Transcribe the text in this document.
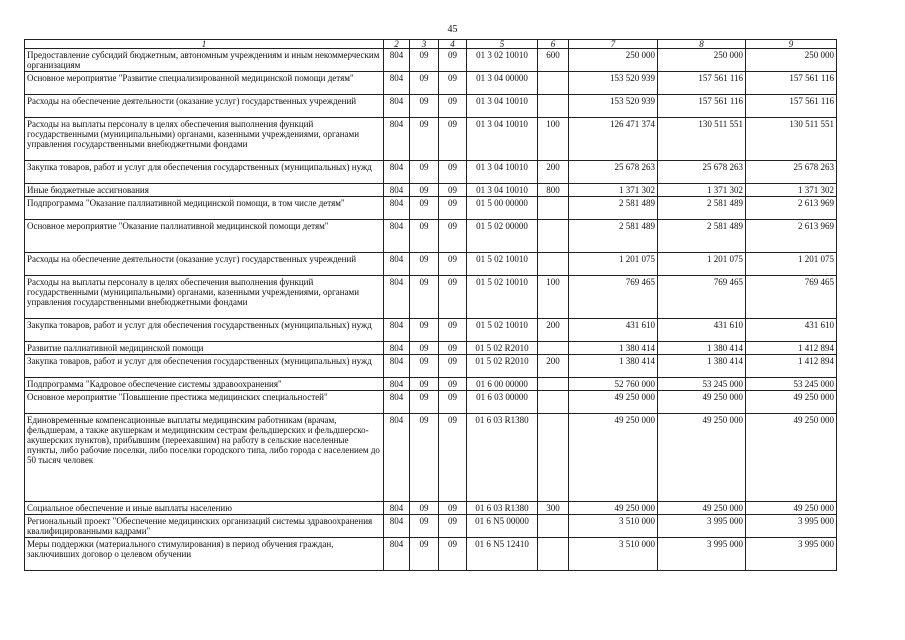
45
1	2	3	4	5	6	7	8	9
Предоставление субсидий бюджетным, автономным учреждениям и иным некоммерческим организациям	804	09	09	01 3 02 10010	600	250 000	250 000	250 000
Основное мероприятие "Развитие специализированной медицинской помощи детям"	804	09	09	01 3 04 00000		153 520 939	157 561 116	157 561 116
Расходы на обеспечение деятельности (оказание услуг) государственных учреждений	804	09	09	01 3 04 10010		153 520 939	157 561 116	157 561 116
Расходы на выплаты персоналу в целях обеспечения выполнения функций государственными (муниципальными) органами, казенными учреждениями, органами управления государственными внебюджетными фондами	804	09	09	01 3 04 10010	100	126 471 374	130 511 551	130 511 551
Закупка товаров, работ и услуг для обеспечения государственных (муниципальных) нужд	804	09	09	01 3 04 10010	200	25 678 263	25 678 263	25 678 263
Иные бюджетные ассигнования	804	09	09	01 3 04 10010	800	1 371 302	1 371 302	1 371 302
Подпрограмма "Оказание паллиативной медицинской помощи, в том числе детям"	804	09	09	01 5 00 00000		2 581 489	2 581 489	2 613 969
Основное мероприятие "Оказание паллиативной медицинской помощи детям"	804	09	09	01 5 02 00000		2 581 489	2 581 489	2 613 969
Расходы на обеспечение деятельности (оказание услуг) государственных учреждений	804	09	09	01 5 02 10010		1 201 075	1 201 075	1 201 075
Расходы на выплаты персоналу в целях обеспечения выполнения функций государственными (муниципальными) органами, казенными учреждениями, органами управления государственными внебюджетными фондами	804	09	09	01 5 02 10010	100	769 465	769 465	769 465
Закупка товаров, работ и услуг для обеспечения государственных (муниципальных) нужд	804	09	09	01 5 02 10010	200	431 610	431 610	431 610
Развитие паллиативной медицинской помощи	804	09	09	01 5 02 R2010		1 380 414	1 380 414	1 412 894
Закупка товаров, работ и услуг для обеспечения государственных (муниципальных) нужд	804	09	09	01 5 02 R2010	200	1 380 414	1 380 414	1 412 894
Подпрограмма "Кадровое обеспечение системы здравоохранения"	804	09	09	01 6 00 00000		52 760 000	53 245 000	53 245 000
Основное мероприятие "Повышение престижа медицинских специальностей"	804	09	09	01 6 03 00000		49 250 000	49 250 000	49 250 000
Единовременные компенсационные выплаты медицинским работникам (врачам, фельдшерам, а также акушеркам и медицинским сестрам фельдшерских и фельдшерско-акушерских пунктов), прибывшим (переехавшим) на работу в сельские населенные пункты, либо рабочие поселки, либо поселки городского типа, либо города с населением до 50 тысяч человек	804	09	09	01 6 03 R1380		49 250 000	49 250 000	49 250 000
Социальное обеспечение и иные выплаты населению	804	09	09	01 6 03 R1380	300	49 250 000	49 250 000	49 250 000
Региональный проект "Обеспечение медицинских организаций системы здравоохранения квалифицированными кадрами"	804	09	09	01 6 N5 00000		3 510 000	3 995 000	3 995 000
Меры поддержки (материального стимулирования) в период обучения граждан, заключивших договор о целевом обучении	804	09	09	01 6 N5 12410		3 510 000	3 995 000	3 995 000
